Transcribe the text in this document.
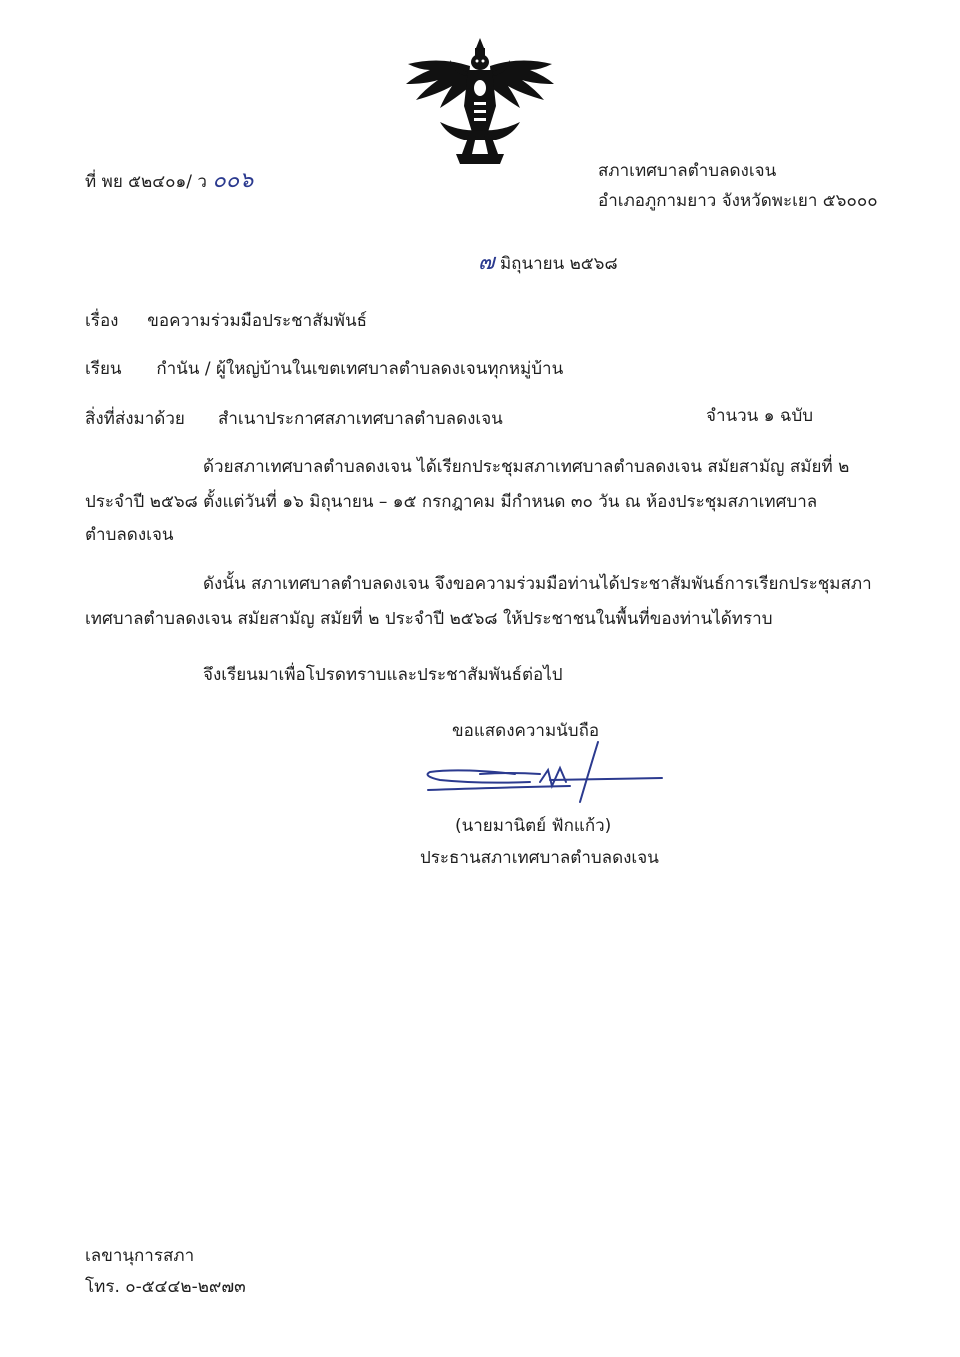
ที่ พย ๕๒๔๐๑/ ว ๐๐๖	สภาเทศบาลตำบลดงเจน
อำเภอภูกามยาว จังหวัดพะเยา ๕๖๐๐๐
๗ มิถุนายน ๒๕๖๘
เรื่อง ขอความร่วมมือประชาสัมพันธ์
เรียน กำนัน / ผู้ใหญ่บ้านในเขตเทศบาลตำบลดงเจนทุกหมู่บ้าน
สิ่งที่ส่งมาด้วย สำเนาประกาศสภาเทศบาลตำบลดงเจน	จำนวน ๑ ฉบับ
ด้วยสภาเทศบาลตำบลดงเจน ได้เรียกประชุมสภาเทศบาลตำบลดงเจน สมัยสามัญ สมัยที่ ๒
ประจำปี ๒๕๖๘ ตั้งแต่วันที่ ๑๖ มิถุนายน – ๑๕ กรกฎาคม มีกำหนด ๓๐ วัน ณ ห้องประชุมสภาเทศบาล
ตำบลดงเจน
ดังนั้น สภาเทศบาลตำบลดงเจน จึงขอความร่วมมือท่านได้ประชาสัมพันธ์การเรียกประชุมสภา
เทศบาลตำบลดงเจน สมัยสามัญ สมัยที่ ๒ ประจำปี ๒๕๖๘ ให้ประชาชนในพื้นที่ของท่านได้ทราบ
จึงเรียนมาเพื่อโปรดทราบและประชาสัมพันธ์ต่อไป
ขอแสดงความนับถือ
(นายมานิตย์ ฟักแก้ว)
ประธานสภาเทศบาลตำบลดงเจน
เลขานุการสภา
โทร. ๐-๕๔๔๒-๒๙๗๓
